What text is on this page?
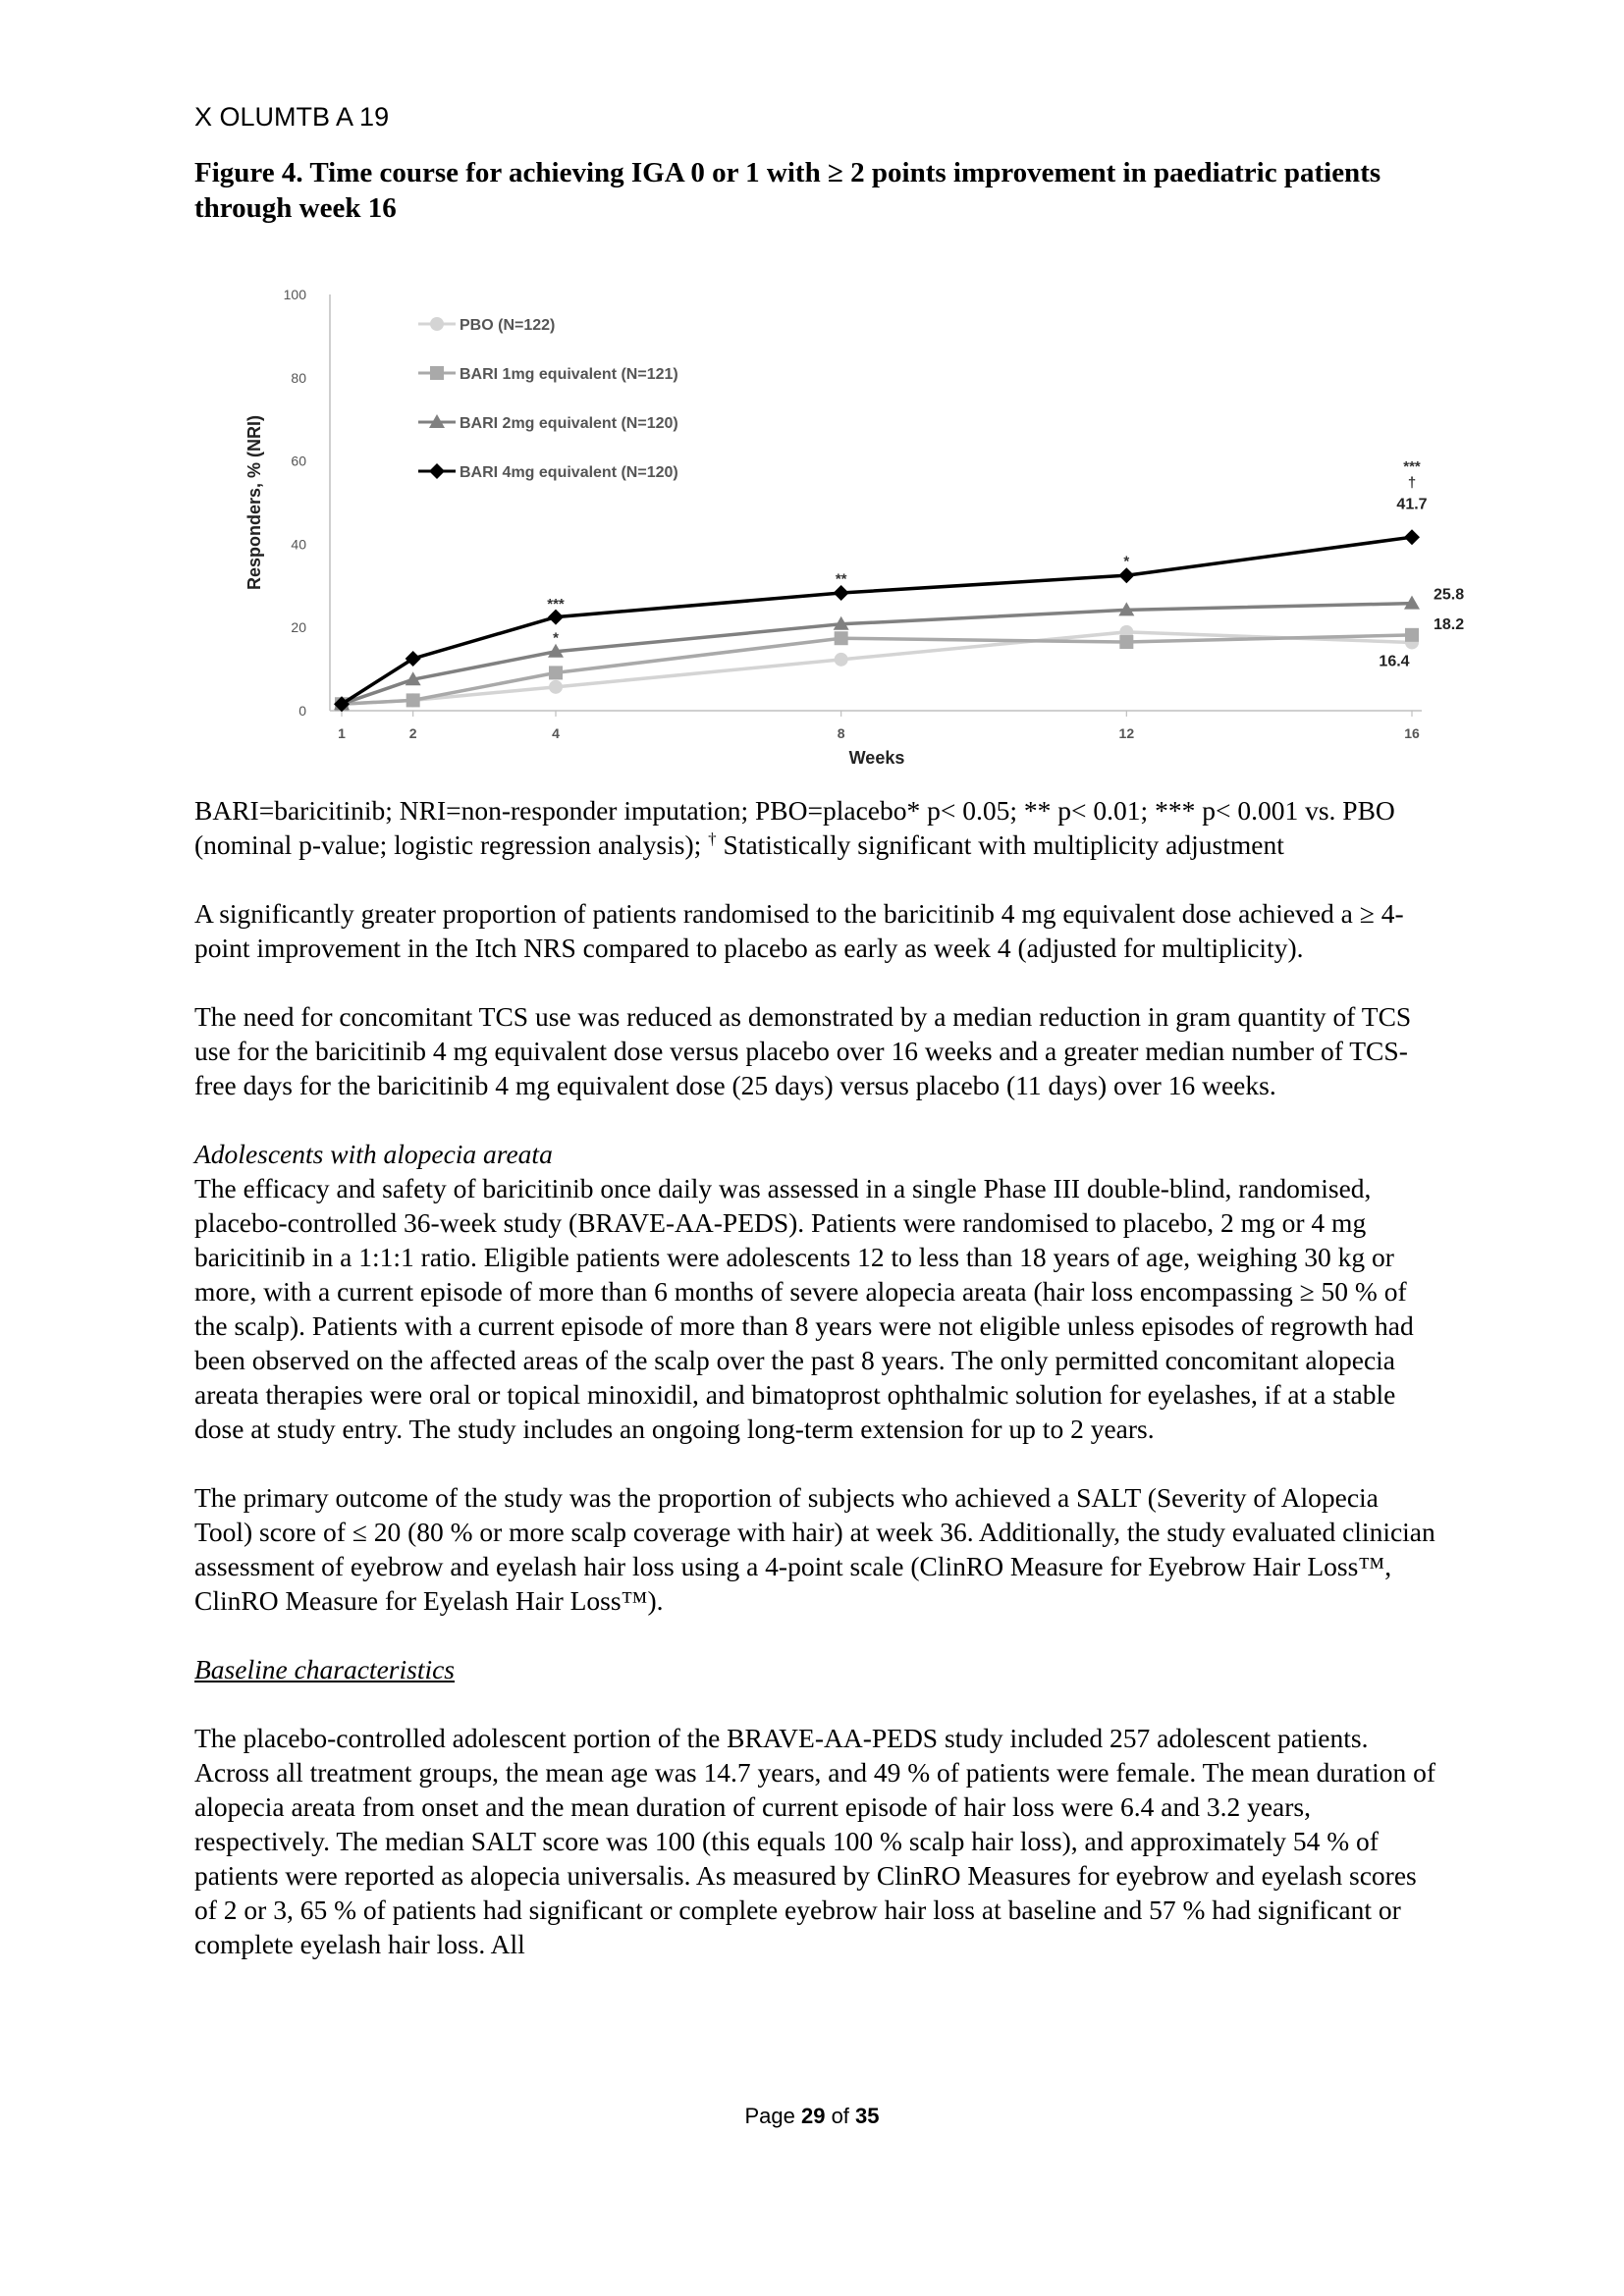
X OLUMTB A 19
Figure 4. Time course for achieving IGA 0 or 1 with ≥ 2 points improvement in paediatric patients through week 16
0
20
40
60
80
100
1	2	4	8	12	16
Weeks
Responders, % (NRI)
PBO (N=122)
BARI 1mg equivalent (N=121)
BARI 2mg equivalent (N=120)
BARI 4mg equivalent (N=120)
***
*
**
*
***
†
41.7
25.8
18.2
16.4

BARI=baricitinib; NRI=non-responder imputation; PBO=placebo* p< 0.05; ** p< 0.01; *** p< 0.001 vs. PBO (nominal p-value; logistic regression analysis); † Statistically significant with multiplicity adjustment

A significantly greater proportion of patients randomised to the baricitinib 4 mg equivalent dose achieved a ≥ 4-point improvement in the Itch NRS compared to placebo as early as week 4 (adjusted for multiplicity).

The need for concomitant TCS use was reduced as demonstrated by a median reduction in gram quantity of TCS use for the baricitinib 4 mg equivalent dose versus placebo over 16 weeks and a greater median number of TCS-free days for the baricitinib 4 mg equivalent dose (25 days) versus placebo (11 days) over 16 weeks.

Adolescents with alopecia areata

The efficacy and safety of baricitinib once daily was assessed in a single Phase III double-blind, randomised, placebo-controlled 36-week study (BRAVE-AA-PEDS). Patients were randomised to placebo, 2 mg or 4 mg baricitinib in a 1:1:1 ratio. Eligible patients were adolescents 12 to less than 18 years of age, weighing 30 kg or more, with a current episode of more than 6 months of severe alopecia areata (hair loss encompassing ≥ 50 % of the scalp). Patients with a current episode of more than 8 years were not eligible unless episodes of regrowth had been observed on the affected areas of the scalp over the past 8 years. The only permitted concomitant alopecia areata therapies were oral or topical minoxidil, and bimatoprost ophthalmic solution for eyelashes, if at a stable dose at study entry. The study includes an ongoing long-term extension for up to 2 years.

The primary outcome of the study was the proportion of subjects who achieved a SALT (Severity of Alopecia Tool) score of ≤ 20 (80 % or more scalp coverage with hair) at week 36. Additionally, the study evaluated clinician assessment of eyebrow and eyelash hair loss using a 4-point scale (ClinRO Measure for Eyebrow Hair Loss™, ClinRO Measure for Eyelash Hair Loss™).

Baseline characteristics

The placebo-controlled adolescent portion of the BRAVE-AA-PEDS study included 257 adolescent patients. Across all treatment groups, the mean age was 14.7 years, and 49 % of patients were female. The mean duration of alopecia areata from onset and the mean duration of current episode of hair loss were 6.4 and 3.2 years, respectively. The median SALT score was 100 (this equals 100 % scalp hair loss), and approximately 54 % of patients were reported as alopecia universalis. As measured by ClinRO Measures for eyebrow and eyelash scores of 2 or 3, 65 % of patients had significant or complete eyebrow hair loss at baseline and 57 % had significant or complete eyelash hair loss. All

Page 29 of 35
